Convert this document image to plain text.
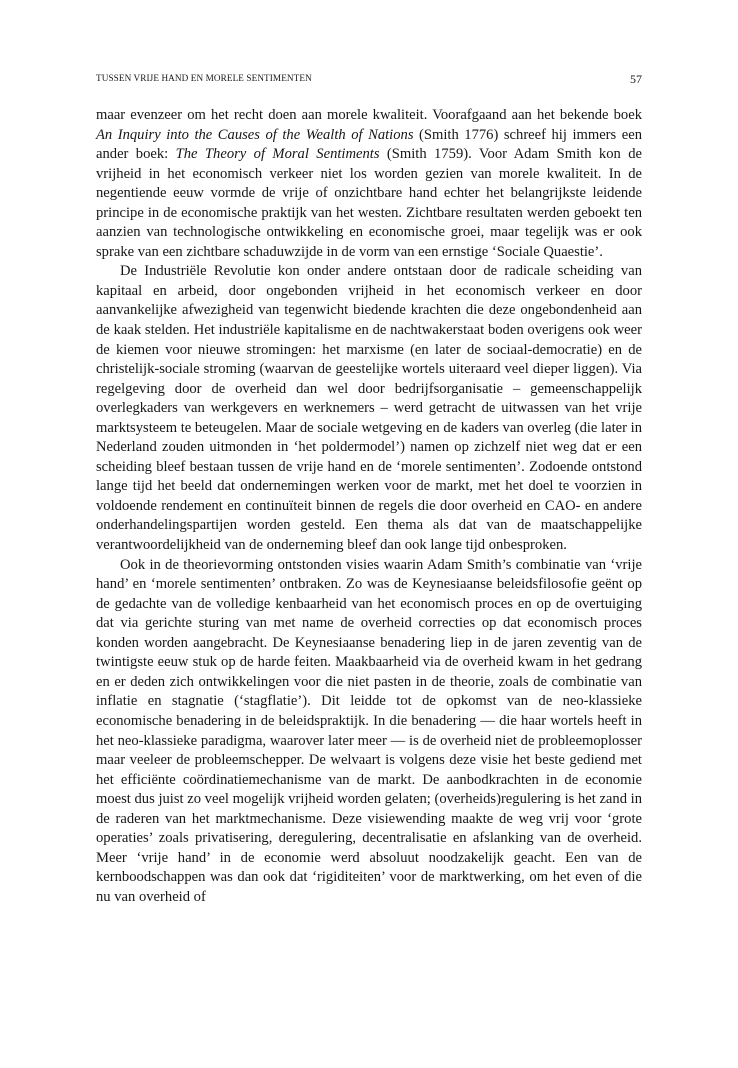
TUSSEN VRIJE HAND EN MORELE SENTIMENTEN	57

maar evenzeer om het recht doen aan morele kwaliteit. Voorafgaand aan het bekende boek An Inquiry into the Causes of the Wealth of Nations (Smith 1776) schreef hij immers een ander boek: The Theory of Moral Sentiments (Smith 1759). Voor Adam Smith kon de vrijheid in het economisch verkeer niet los worden gezien van morele kwaliteit. In de negentiende eeuw vormde de vrije of onzichtbare hand echter het belangrijkste leidende principe in de economische praktijk van het westen. Zichtbare resultaten werden geboekt ten aanzien van technologische ontwikkeling en economische groei, maar tegelijk was er ook sprake van een zichtbare schaduwzijde in de vorm van een ernstige ‘Sociale Quaestie’.

De Industriële Revolutie kon onder andere ontstaan door de radicale scheiding van kapitaal en arbeid, door ongebonden vrijheid in het economisch verkeer en door aanvankelijke afwezigheid van tegenwicht biedende krachten die deze ongebondenheid aan de kaak stelden. Het industriële kapitalisme en de nachtwakerstaat boden overigens ook weer de kiemen voor nieuwe stromingen: het marxisme (en later de sociaal-democratie) en de christelijk-sociale stroming (waarvan de geestelijke wortels uiteraard veel dieper liggen). Via regelgeving door de overheid dan wel door bedrijfsorganisatie – gemeenschappelijk overlegkaders van werkgevers en werknemers – werd getracht de uitwassen van het vrije marktsysteem te beteugelen. Maar de sociale wetgeving en de kaders van overleg (die later in Nederland zouden uitmonden in ‘het poldermodel’) namen op zichzelf niet weg dat er een scheiding bleef bestaan tussen de vrije hand en de ‘morele sentimenten’. Zodoende ontstond lange tijd het beeld dat ondernemingen werken voor de markt, met het doel te voorzien in voldoende rendement en continuïteit binnen de regels die door overheid en CAO- en andere onderhandelingspartijen worden gesteld. Een thema als dat van de maatschappelijke verantwoordelijkheid van de onderneming bleef dan ook lange tijd onbesproken.

Ook in de theorievorming ontstonden visies waarin Adam Smith’s combinatie van ‘vrije hand’ en ‘morele sentimenten’ ontbraken. Zo was de Keynesiaanse beleidsfilosofie geënt op de gedachte van de volledige kenbaarheid van het economisch proces en op de overtuiging dat via gerichte sturing van met name de overheid correcties op dat economisch proces konden worden aangebracht. De Keynesiaanse benadering liep in de jaren zeventig van de twintigste eeuw stuk op de harde feiten. Maakbaarheid via de overheid kwam in het gedrang en er deden zich ontwikkelingen voor die niet pasten in de theorie, zoals de combinatie van inflatie en stagnatie (‘stagflatie’). Dit leidde tot de opkomst van de neo-klassieke economische benadering in de beleidspraktijk. In die benadering — die haar wortels heeft in het neo-klassieke paradigma, waarover later meer — is de overheid niet de probleemoplosser maar veeleer de probleemschepper. De welvaart is volgens deze visie het beste gediend met het efficiënte coördinatiemechanisme van de markt. De aanbodkrachten in de economie moest dus juist zo veel mogelijk vrijheid worden gelaten; (overheids)regulering is het zand in de raderen van het marktmechanisme. Deze visiewending maakte de weg vrij voor ‘grote operaties’ zoals privatisering, deregulering, decentralisatie en afslanking van de overheid. Meer ‘vrije hand’ in de economie werd absoluut noodzakelijk geacht. Een van de kernboodschappen was dan ook dat ‘rigiditeiten’ voor de marktwerking, om het even of die nu van overheid of
